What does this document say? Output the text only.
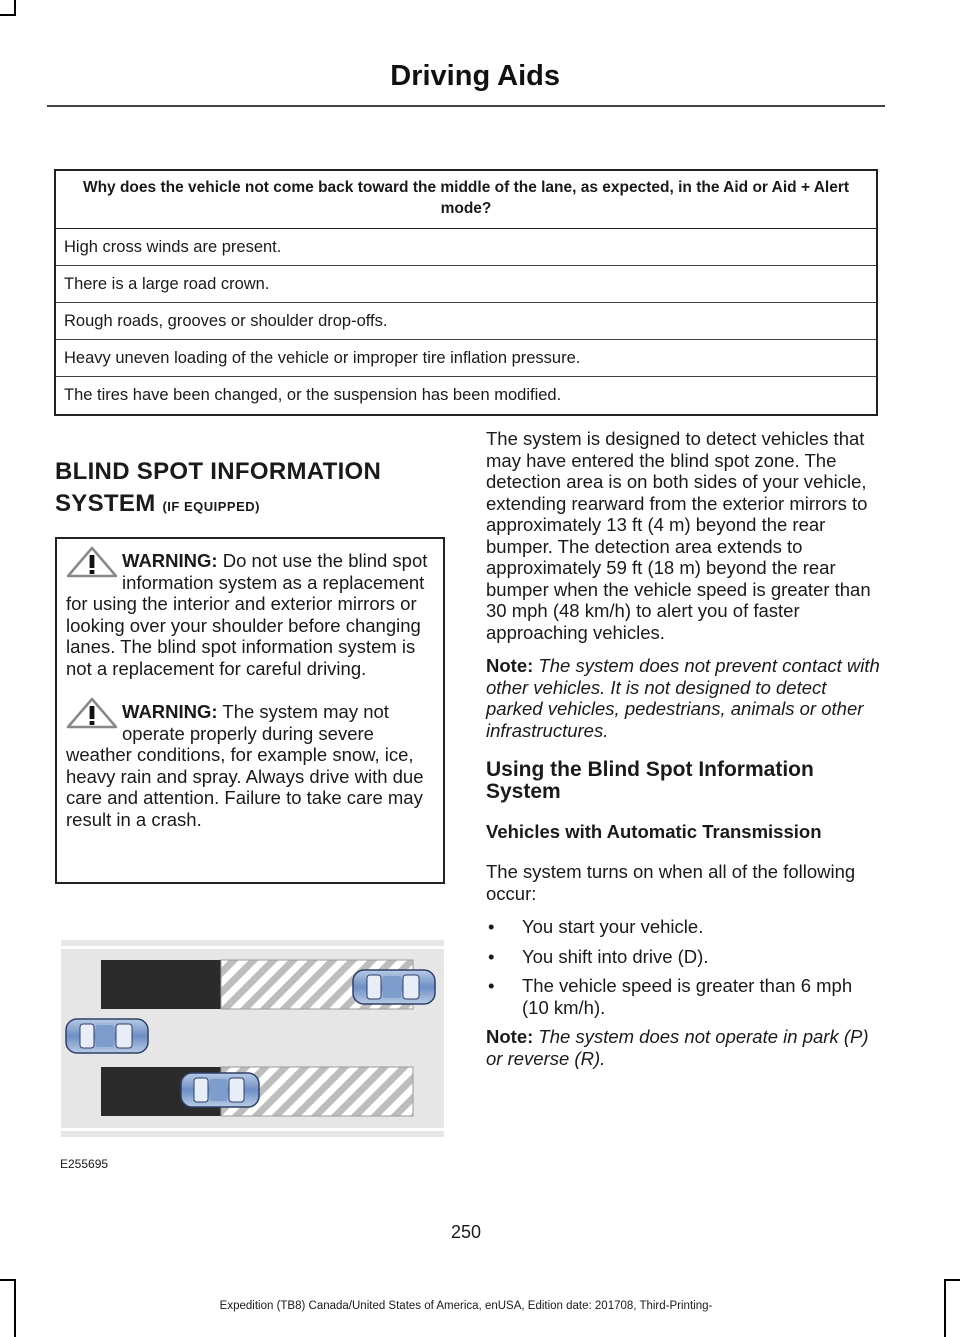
Driving Aids
Why does the vehicle not come back toward the middle of the lane, as expected, in the Aid or Aid + Alert mode?
High cross winds are present.
There is a large road crown.
Rough roads, grooves or shoulder drop-offs.
Heavy uneven loading of the vehicle or improper tire inflation pressure.
The tires have been changed, or the suspension has been modified.
BLIND SPOT INFORMATION
SYSTEM (IF EQUIPPED)
WARNING: Do not use the blind spot information system as a replacement for using the interior and exterior mirrors or looking over your shoulder before changing lanes. The blind spot information system is not a replacement for careful driving.
WARNING: The system may not operate properly during severe weather conditions, for example snow, ice, heavy rain and spray. Always drive with due care and attention. Failure to take care may result in a crash.
E255695

The system is designed to detect vehicles that may have entered the blind spot zone. The detection area is on both sides of your vehicle, extending rearward from the exterior mirrors to approximately 13 ft (4 m) beyond the rear bumper. The detection area extends to approximately 59 ft (18 m) beyond the rear bumper when the vehicle speed is greater than 30 mph (48 km/h) to alert you of faster approaching vehicles.

Note: The system does not prevent contact with other vehicles. It is not designed to detect parked vehicles, pedestrians, animals or other infrastructures.

Using the Blind Spot Information System
Vehicles with Automatic Transmission

The system turns on when all of the following occur:

• You start your vehicle.
• You shift into drive (D).
• The vehicle speed is greater than 6 mph (10 km/h).

Note: The system does not operate in park (P) or reverse (R).

250
Expedition (TB8) Canada/United States of America, enUSA, Edition date: 201708, Third-Printing-
